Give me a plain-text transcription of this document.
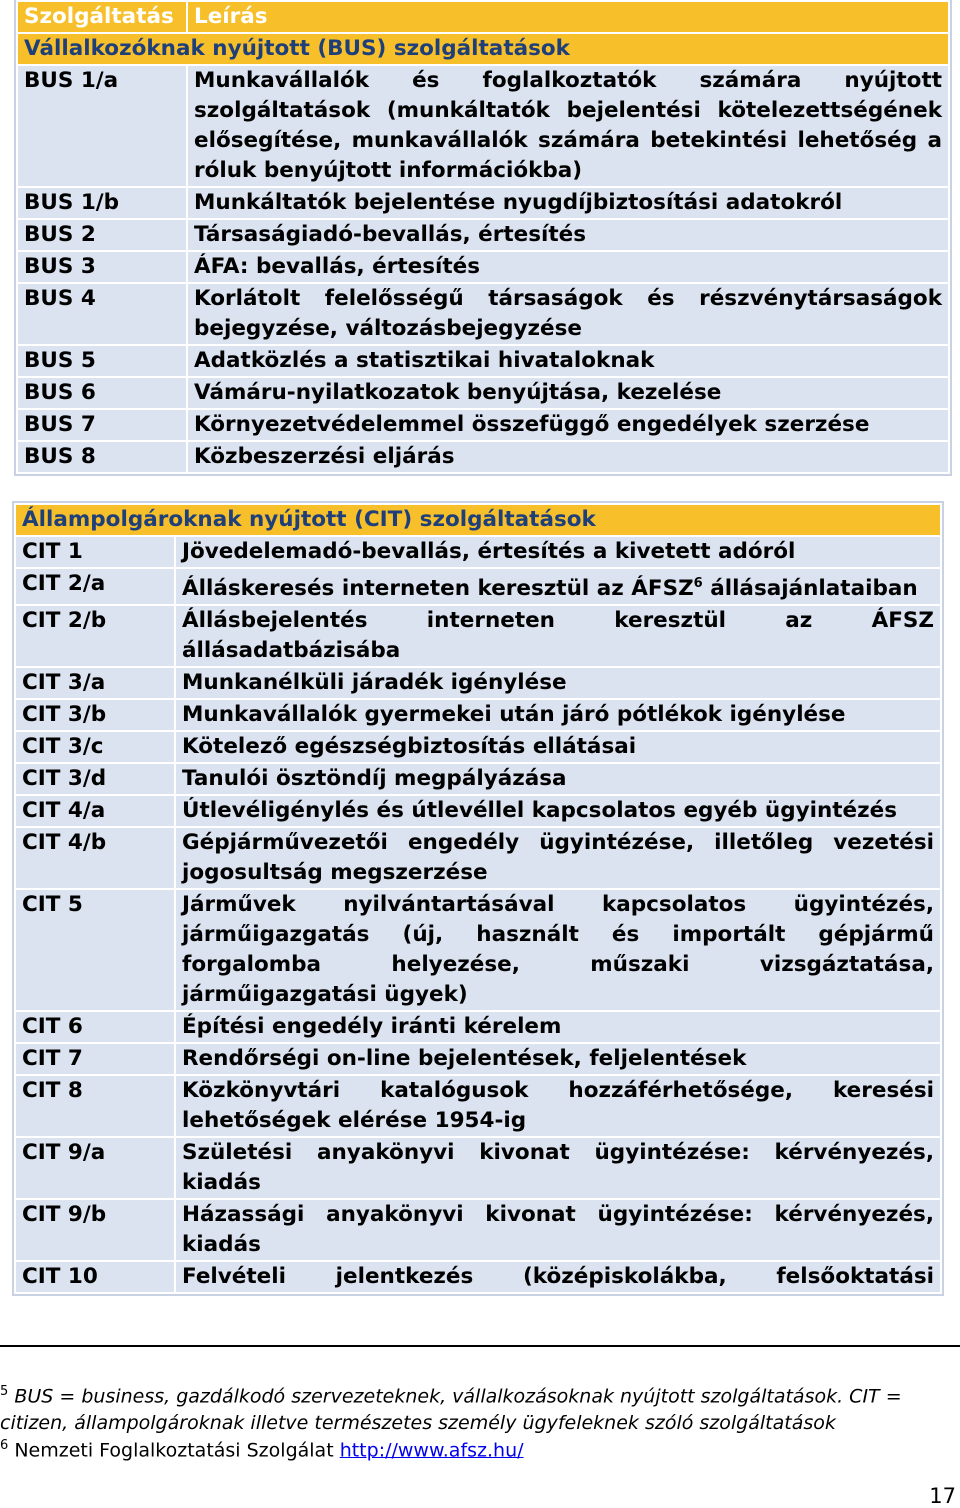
Szolgáltatás	Leírás
Vállalkozóknak nyújtott (BUS) szolgáltatások	
BUS 1/a	Munkavállalók és foglalkoztatók számára nyújtott szolgáltatások (munkáltatók bejelentési kötelezettségének elősegítése, munkavállalók számára betekintési lehetőség a róluk benyújtott információkba)
BUS 1/b	Munkáltatók bejelentése nyugdíjbiztosítási adatokról
BUS 2	Társaságiadó-bevallás, értesítés
BUS 3	ÁFA: bevallás, értesítés
BUS 4	Korlátolt felelősségű társaságok és részvénytársaságok bejegyzése, változásbejegyzése
BUS 5	Adatközlés a statisztikai hivataloknak
BUS 6	Vámáru-nyilatkozatok benyújtása, kezelése
BUS 7	Környezetvédelemmel összefüggő engedélyek szerzése
BUS 8	Közbeszerzési eljárás
Állampolgároknak nyújtott (CIT) szolgáltatások	
CIT 1	Jövedelemadó-bevallás, értesítés a kivetett adóról
CIT 2/a	Álláskeresés interneten keresztül az ÁFSZ$^6$ állásajánlataiban
CIT 2/b	Állásbejelentés interneten keresztül az ÁFSZ állásadatbázisába
CIT 3/a	Munkanélküli járadék igénylése
CIT 3/b	Munkavállalók gyermekei után járó pótlékok igénylése
CIT 3/c	Kötelező egészségbiztosítás ellátásai
CIT 3/d	Tanulói ösztöndíj megpályázása
CIT 4/a	Útlevéligénylés és útlevéllel kapcsolatos egyéb ügyintézés
CIT 4/b	Gépjárművezetői engedély ügyintézése, illetőleg vezetési jogosultság megszerzése
CIT 5	Járművek nyilvántartásával kapcsolatos ügyintézés, járműigazgatás (új, használt és importált gépjármű forgalomba helyezése, műszaki vizsgáztatása, járműigazgatási ügyek)
CIT 6	Építési engedély iránti kérelem
CIT 7	Rendőrségi on-line bejelentések, feljelentések
CIT 8	Közkönyvtári katalógusok hozzáférhetősége, keresési lehetőségek elérése 1954-ig
CIT 9/a	Születési anyakönyvi kivonat ügyintézése: kérvényezés, kiadás
CIT 9/b	Házassági anyakönyvi kivonat ügyintézése: kérvényezés, kiadás
CIT 10	Felvételi jelentkezés (középiskolákba, felsőoktatási
$^5$ BUS = business, gazdálkodó szervezeteknek, vállalkozásoknak nyújtott szolgáltatások. CIT = citizen, állampolgároknak illetve természetes személy ügyfeleknek szóló szolgáltatások
$^6$ Nemzeti Foglalkoztatási Szolgálat http://www.afsz.hu/
17
